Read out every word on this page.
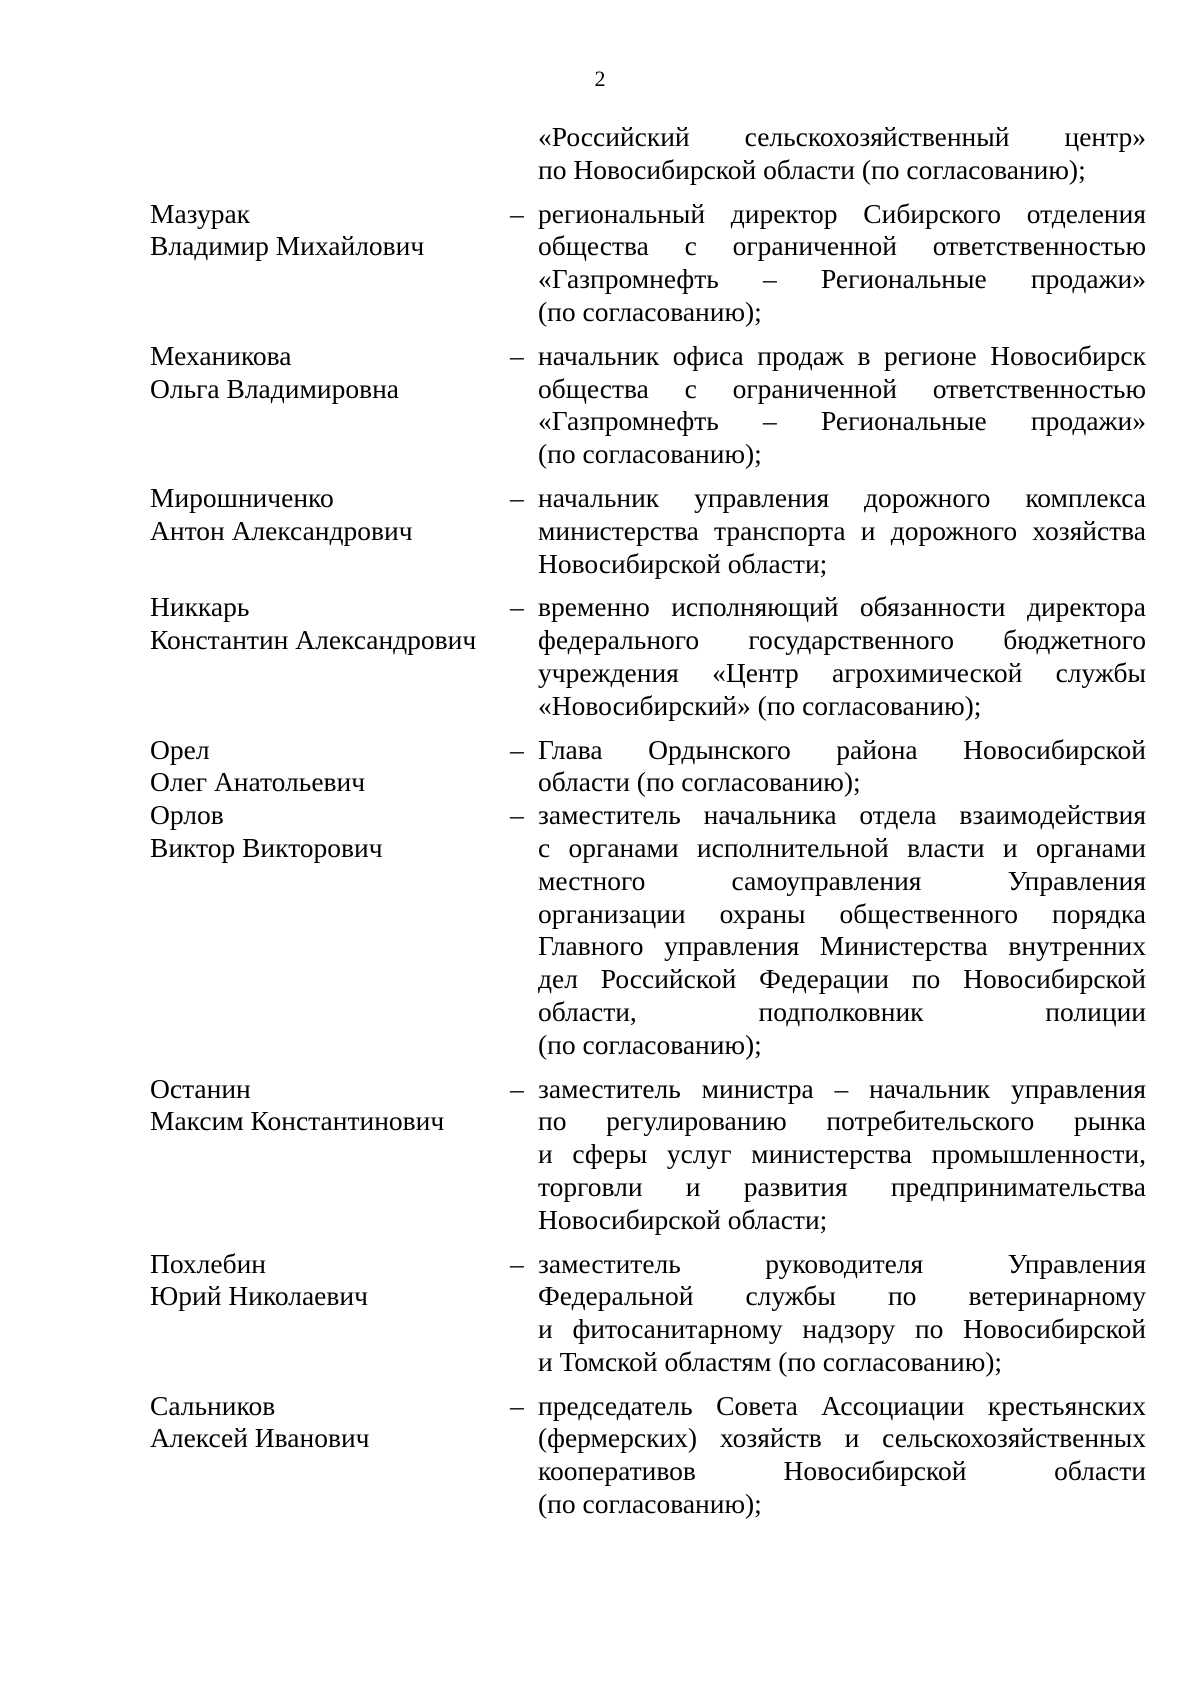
2
«Российский сельскохозяйственный центр»
по Новосибирской области (по согласованию);
Мазурак
Владимир Михайлович
– региональный директор Сибирского отделения
общества с ограниченной ответственностью
«Газпромнефть – Региональные продажи»
(по согласованию);
Механикова
Ольга Владимировна
– начальник офиса продаж в регионе Новосибирск
общества с ограниченной ответственностью
«Газпромнефть – Региональные продажи»
(по согласованию);
Мирошниченко
Антон Александрович
– начальник управления дорожного комплекса
министерства транспорта и дорожного хозяйства
Новосибирской области;
Никкарь
Константин Александрович
– временно исполняющий обязанности директора
федерального государственного бюджетного
учреждения «Центр агрохимической службы
«Новосибирский» (по согласованию);
Орел
Олег Анатольевич
– Глава Ордынского района Новосибирской
области (по согласованию);
Орлов
Виктор Викторович
– заместитель начальника отдела взаимодействия
с органами исполнительной власти и органами
местного самоуправления Управления
организации охраны общественного порядка
Главного управления Министерства внутренних
дел Российской Федерации по Новосибирской
области, подполковник полиции
(по согласованию);
Останин
Максим Константинович
– заместитель министра – начальник управления
по регулированию потребительского рынка
и сферы услуг министерства промышленности,
торговли и развития предпринимательства
Новосибирской области;
Похлебин
Юрий Николаевич
– заместитель руководителя Управления
Федеральной службы по ветеринарному
и фитосанитарному надзору по Новосибирской
и Томской областям (по согласованию);
Сальников
Алексей Иванович
– председатель Совета Ассоциации крестьянских
(фермерских) хозяйств и сельскохозяйственных
кооперативов Новосибирской области
(по согласованию);
